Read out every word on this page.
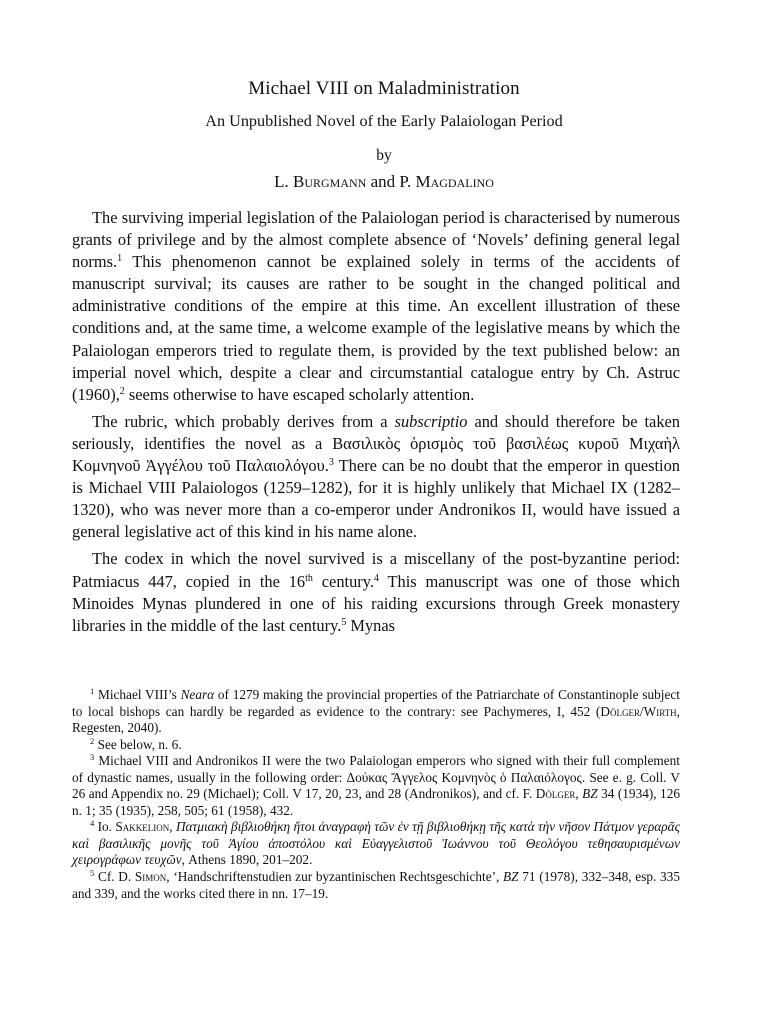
Michael VIII on Maladministration
An Unpublished Novel of the Early Palaiologan Period
by
L. Burgmann and P. Magdalino

The surviving imperial legislation of the Palaiologan period is characterised by numerous grants of privilege and by the almost complete absence of ‘Novels’ defining general legal norms.$^1$ This phenomenon cannot be explained solely in terms of the accidents of manuscript survival; its causes are rather to be sought in the changed political and administrative conditions of the empire at this time. An excellent illustration of these conditions and, at the same time, a welcome example of the legislative means by which the Palaiologan emperors tried to regulate them, is provided by the text published below: an imperial novel which, despite a clear and circumstantial catalogue entry by Ch. Astruc (1960),$^2$ seems otherwise to have escaped scholarly attention.

The rubric, which probably derives from a subscriptio and should therefore be taken seriously, identifies the novel as a Βασιλικὸς ὁρισμὸς τοῦ βασιλέως κυροῦ Μιχαὴλ Κομνηνοῦ Ἀγγέλου τοῦ Παλαιολόγου.$^3$ There can be no doubt that the emperor in question is Michael VIII Palaiologos (1259–1282), for it is highly unlikely that Michael IX (1282–1320), who was never more than a co-emperor under Andronikos II, would have issued a general legislative act of this kind in his name alone.

The codex in which the novel survived is a miscellany of the post-byzantine period: Patmiacus 447, copied in the 16th century.$^4$ This manuscript was one of those which Minoides Mynas plundered in one of his raiding excursions through Greek monastery libraries in the middle of the last century.$^5$ Mynas

$^1$ Michael VIII’s Nearα of 1279 making the provincial properties of the Patriarchate of Constantinople subject to local bishops can hardly be regarded as evidence to the contrary: see Pachymeres, I, 452 (Dölger/Wirth, Regesten, 2040).

$^2$ See below, n. 6.

$^3$ Michael VIII and Andronikos II were the two Palaiologan emperors who signed with their full complement of dynastic names, usually in the following order: Δούκας Ἄγγελος Κομνηνὸς ὁ Παλαιόλογος. See e. g. Coll. V 26 and Appendix no. 29 (Michael); Coll. V 17, 20, 23, and 28 (Andronikos), and cf. F. Dölger, BZ 34 (1934), 126 n. 1; 35 (1935), 258, 505; 61 (1958), 432.

$^4$ Io. Sakkelion, Πατμιακὴ βιβλιοθήκη ἤτοι ἀναγραφὴ τῶν ἐν τῇ βιβλιοθήκῃ τῆς κατὰ τὴν νῆσον Πάτμον γεραρᾶς καὶ βασιλικῆς μονῆς τοῦ Ἁγίου ἀποστόλου καὶ Εὐαγγελιστοῦ Ἰωάννου τοῦ Θεολόγου τεθησαυρισμένων χειρογράφων τευχῶν, Athens 1890, 201–202.

$^5$ Cf. D. Simon, ‘Handschriftenstudien zur byzantinischen Rechtsgeschichte’, BZ 71 (1978), 332–348, esp. 335 and 339, and the works cited there in nn. 17–19.
